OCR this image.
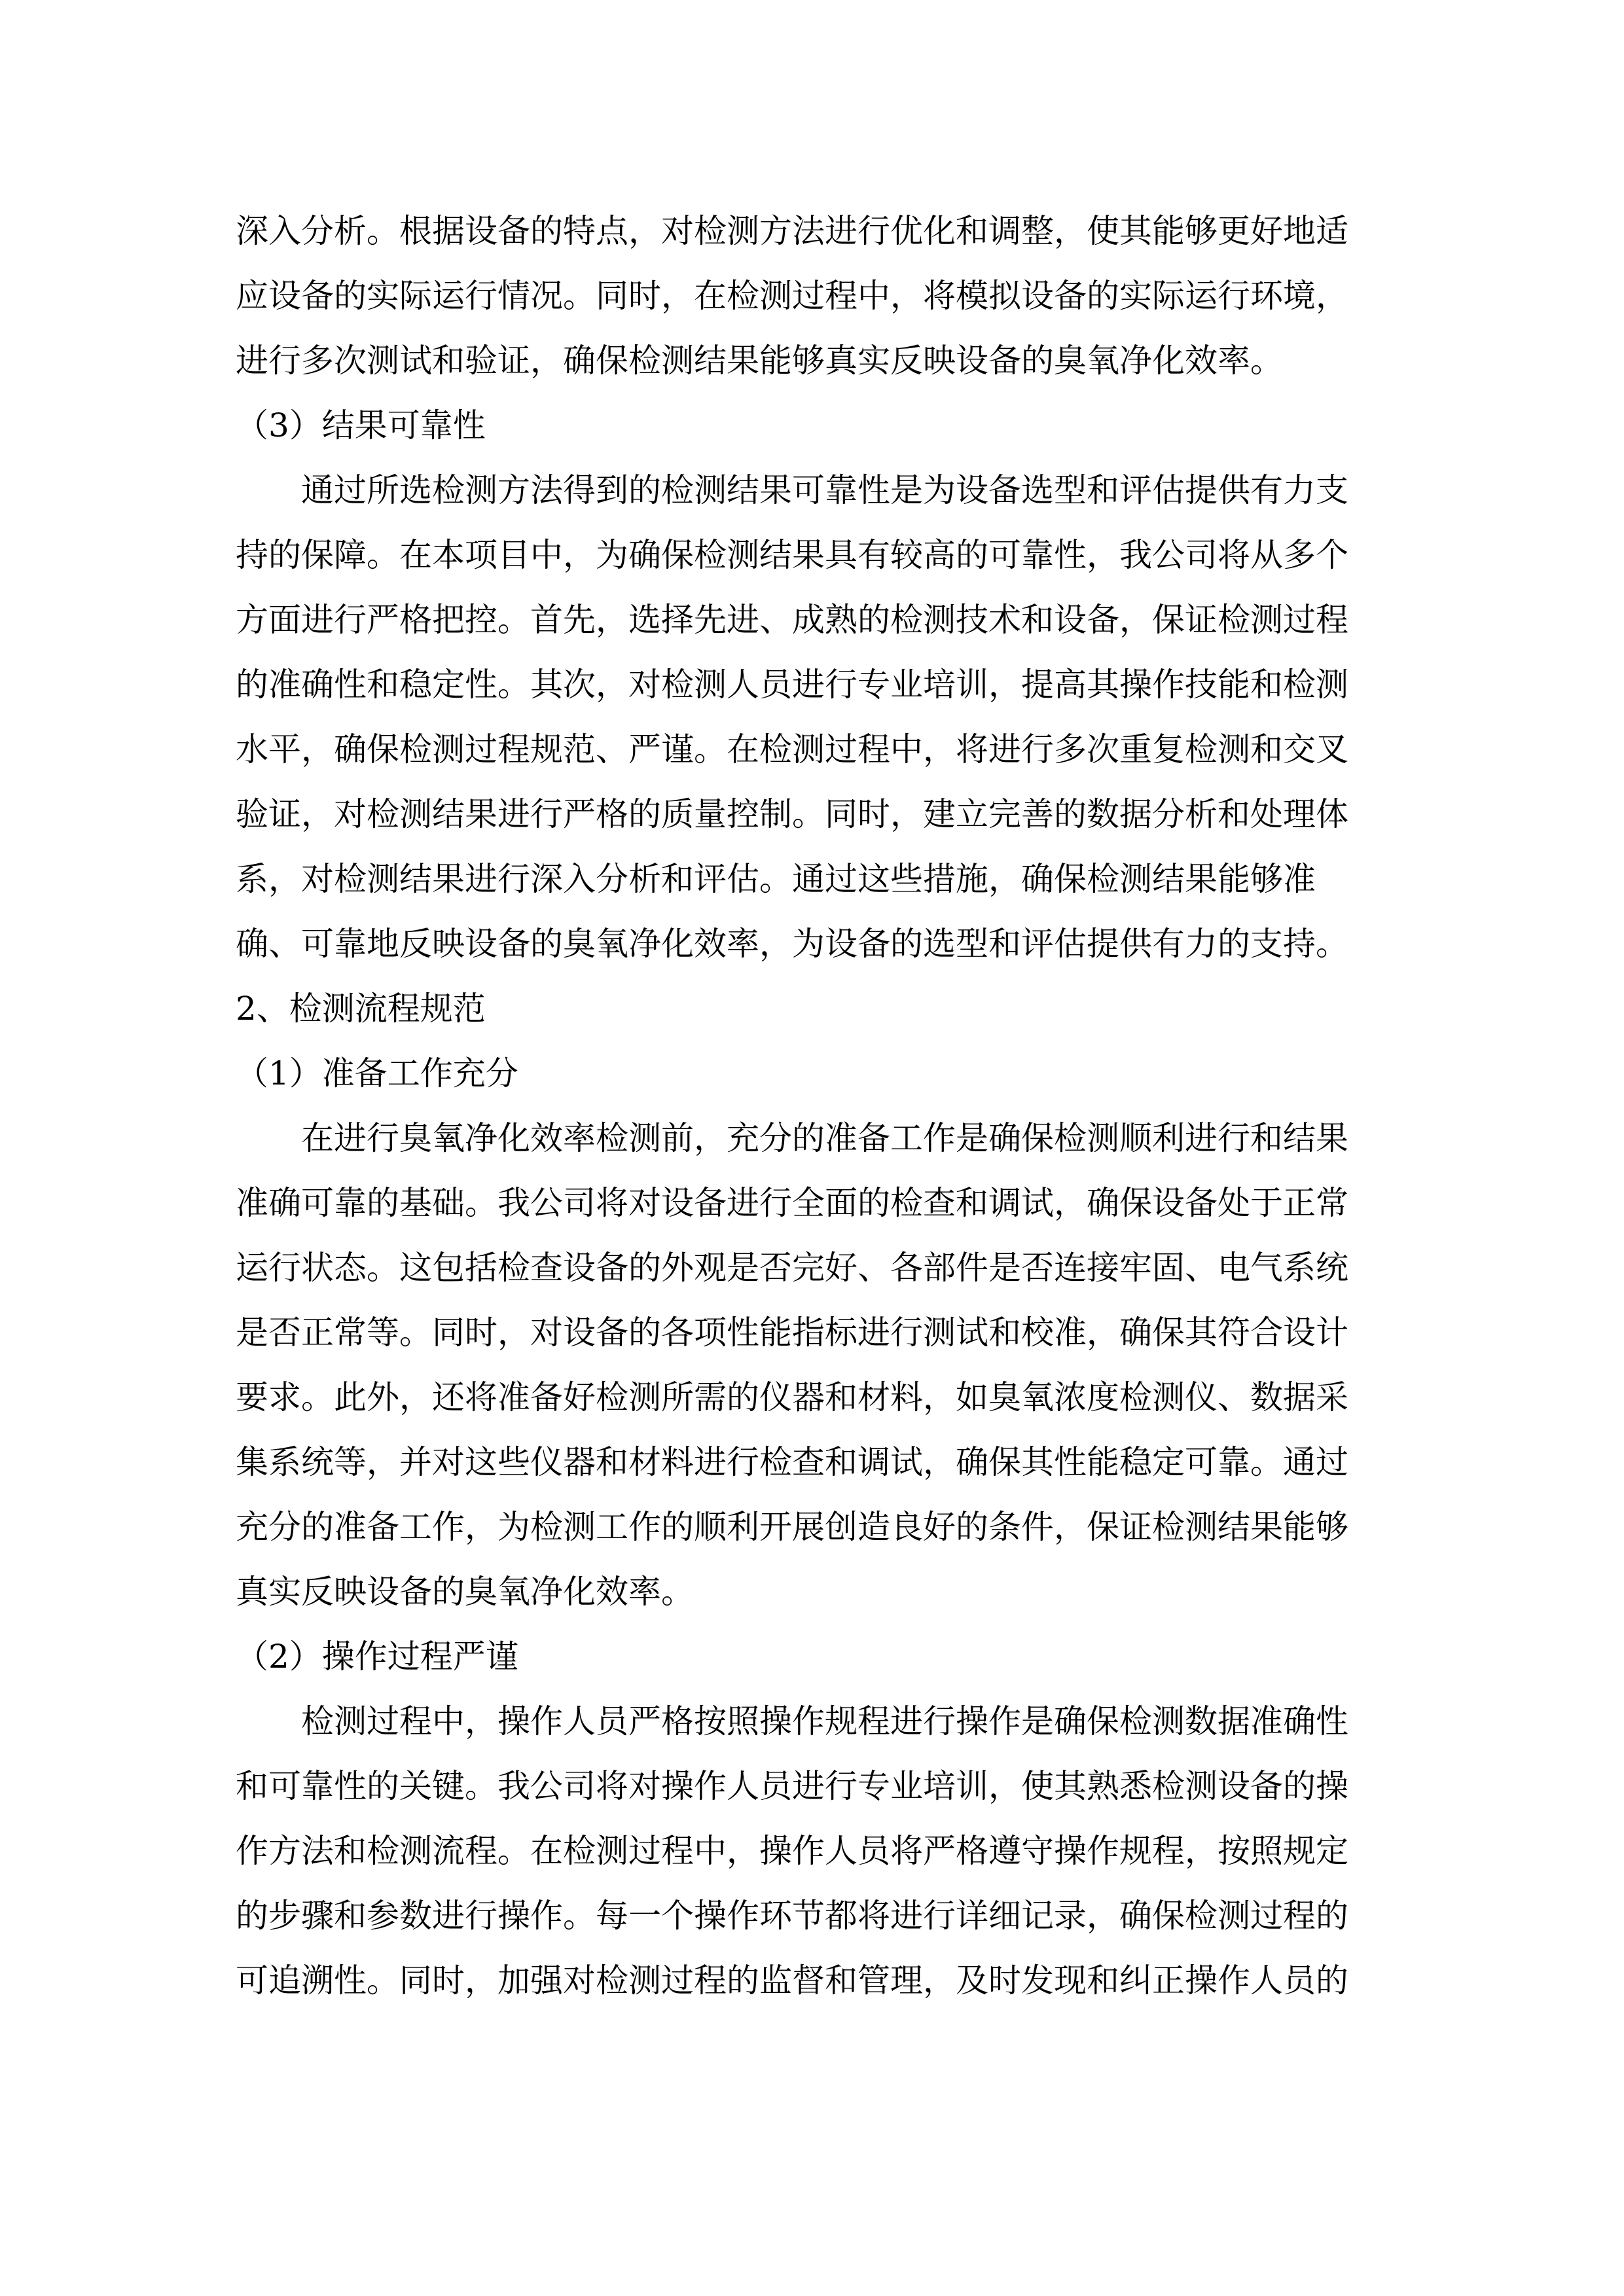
深入分析。根据设备的特点，对检测方法进行优化和调整，使其能够更好地适
应设备的实际运行情况。同时，在检测过程中，将模拟设备的实际运行环境，
进行多次测试和验证，确保检测结果能够真实反映设备的臭氧净化效率。
（3）结果可靠性
通过所选检测方法得到的检测结果可靠性是为设备选型和评估提供有力支
持的保障。在本项目中，为确保检测结果具有较高的可靠性，我公司将从多个
方面进行严格把控。首先，选择先进、成熟的检测技术和设备，保证检测过程
的准确性和稳定性。其次，对检测人员进行专业培训，提高其操作技能和检测
水平，确保检测过程规范、严谨。在检测过程中，将进行多次重复检测和交叉
验证，对检测结果进行严格的质量控制。同时，建立完善的数据分析和处理体
系，对检测结果进行深入分析和评估。通过这些措施，确保检测结果能够准
确、可靠地反映设备的臭氧净化效率，为设备的选型和评估提供有力的支持。
2、检测流程规范
（1）准备工作充分
在进行臭氧净化效率检测前，充分的准备工作是确保检测顺利进行和结果
准确可靠的基础。我公司将对设备进行全面的检查和调试，确保设备处于正常
运行状态。这包括检查设备的外观是否完好、各部件是否连接牢固、电气系统
是否正常等。同时，对设备的各项性能指标进行测试和校准，确保其符合设计
要求。此外，还将准备好检测所需的仪器和材料，如臭氧浓度检测仪、数据采
集系统等，并对这些仪器和材料进行检查和调试，确保其性能稳定可靠。通过
充分的准备工作，为检测工作的顺利开展创造良好的条件，保证检测结果能够
真实反映设备的臭氧净化效率。
（2）操作过程严谨
检测过程中，操作人员严格按照操作规程进行操作是确保检测数据准确性
和可靠性的关键。我公司将对操作人员进行专业培训，使其熟悉检测设备的操
作方法和检测流程。在检测过程中，操作人员将严格遵守操作规程，按照规定
的步骤和参数进行操作。每一个操作环节都将进行详细记录，确保检测过程的
可追溯性。同时，加强对检测过程的监督和管理，及时发现和纠正操作人员的
